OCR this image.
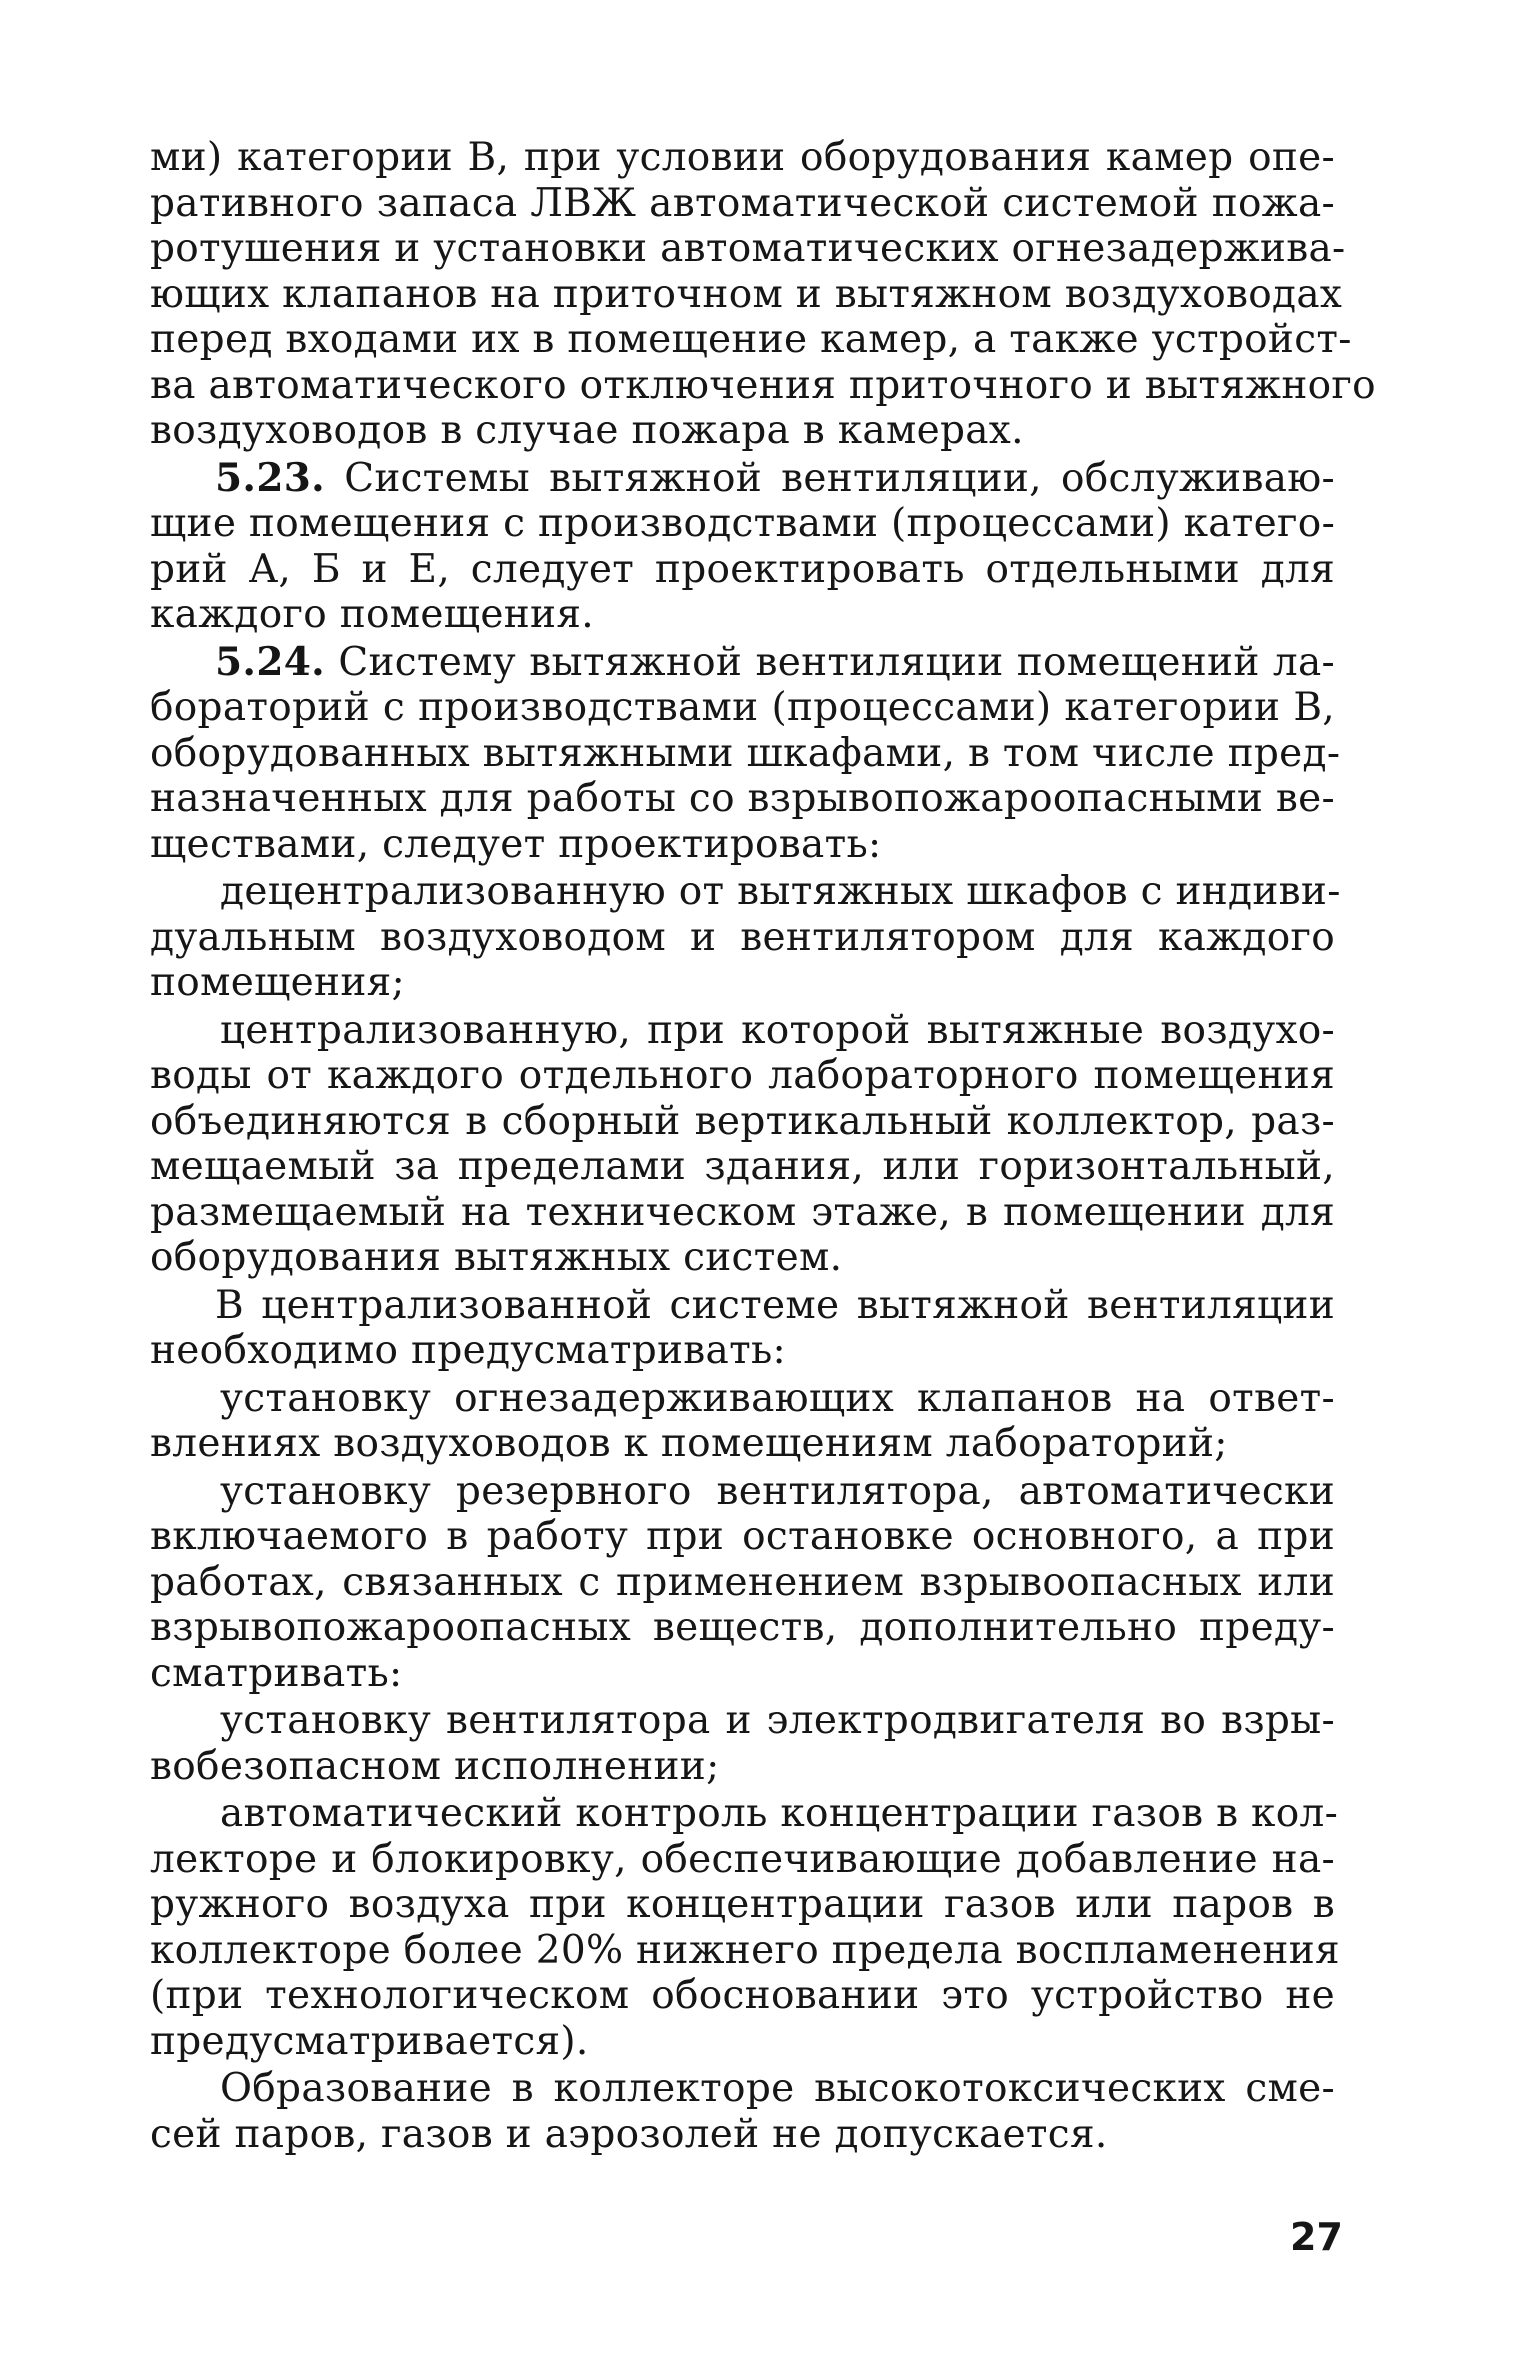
ми) категории В, при условии оборудования камер опе-
ративного запаса ЛВЖ автоматической системой пожа-
ротушения и установки автоматических огнезадержива-
ющих клапанов на приточном и вытяжном воздуховодах
перед входами их в помещение камер, а также устройст-
ва автоматического отключения приточного и вытяжного
воздуховодов в случае пожара в камерах.
5.23. Системы вытяжной вентиляции, обслуживаю-
щие помещения с производствами (процессами) катего-
рий А, Б и Е, следует проектировать отдельными для
каждого помещения.
5.24. Систему вытяжной вентиляции помещений ла-
бораторий с производствами (процессами) категории В,
оборудованных вытяжными шкафами, в том числе пред-
назначенных для работы со взрывопожароопасными ве-
ществами, следует проектировать:
децентрализованную от вытяжных шкафов с индиви-
дуальным воздуховодом и вентилятором для каждого
помещения;
централизованную, при которой вытяжные воздухо-
воды от каждого отдельного лабораторного помещения
объединяются в сборный вертикальный коллектор, раз-
мещаемый за пределами здания, или горизонтальный,
размещаемый на техническом этаже, в помещении для
оборудования вытяжных систем.
В централизованной системе вытяжной вентиляции
необходимо предусматривать:
установку огнезадерживающих клапанов на ответ-
влениях воздуховодов к помещениям лабораторий;
установку резервного вентилятора, автоматически
включаемого в работу при остановке основного, а при
работах, связанных с применением взрывоопасных или
взрывопожароопасных веществ, дополнительно преду-
сматривать:
установку вентилятора и электродвигателя во взры-
вобезопасном исполнении;
автоматический контроль концентрации газов в кол-
лекторе и блокировку, обеспечивающие добавление на-
ружного воздуха при концентрации газов или паров в
коллекторе более 20% нижнего предела воспламенения
(при технологическом обосновании это устройство не
предусматривается).
Образование в коллекторе высокотоксических сме-
сей паров, газов и аэрозолей не допускается.
27
